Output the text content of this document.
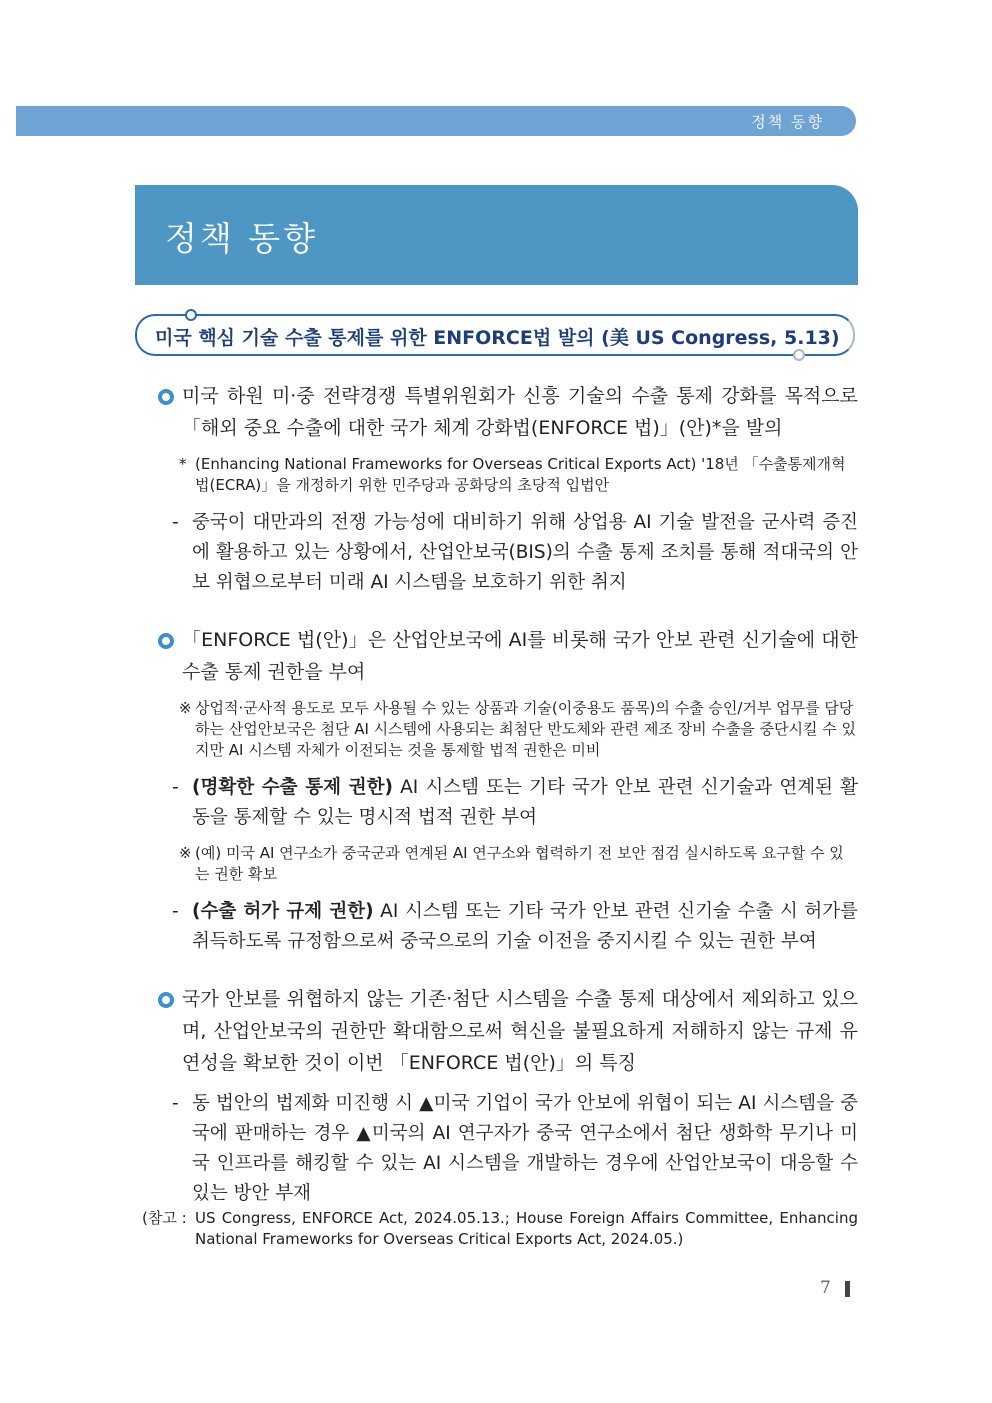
정책 동향
정책 동향
미국 핵심 기술 수출 통제를 위한 ENFORCE법 발의 (美 US Congress, 5.13)
미국 하원 미·중 전략경쟁 특별위원회가 신흥 기술의 수출 통제 강화를 목적으로 「해외 중요 수출에 대한 국가 체계 강화법(ENFORCE 법)」(안)*을 발의
* (Enhancing National Frameworks for Overseas Critical Exports Act) '18년 「수출통제개혁법(ECRA)」을 개정하기 위한 민주당과 공화당의 초당적 입법안
- 중국이 대만과의 전쟁 가능성에 대비하기 위해 상업용 AI 기술 발전을 군사력 증진에 활용하고 있는 상황에서, 산업안보국(BIS)의 수출 통제 조치를 통해 적대국의 안보 위협으로부터 미래 AI 시스템을 보호하기 위한 취지
「ENFORCE 법(안)」은 산업안보국에 AI를 비롯해 국가 안보 관련 신기술에 대한 수출 통제 권한을 부여
※ 상업적·군사적 용도로 모두 사용될 수 있는 상품과 기술(이중용도 품목)의 수출 승인/거부 업무를 담당하는 산업안보국은 첨단 AI 시스템에 사용되는 최첨단 반도체와 관련 제조 장비 수출을 중단시킬 수 있지만 AI 시스템 자체가 이전되는 것을 통제할 법적 권한은 미비
- (명확한 수출 통제 권한) AI 시스템 또는 기타 국가 안보 관련 신기술과 연계된 활동을 통제할 수 있는 명시적 법적 권한 부여
※ (예) 미국 AI 연구소가 중국군과 연계된 AI 연구소와 협력하기 전 보안 점검 실시하도록 요구할 수 있는 권한 확보
- (수출 허가 규제 권한) AI 시스템 또는 기타 국가 안보 관련 신기술 수출 시 허가를 취득하도록 규정함으로써 중국으로의 기술 이전을 중지시킬 수 있는 권한 부여
국가 안보를 위협하지 않는 기존·첨단 시스템을 수출 통제 대상에서 제외하고 있으며, 산업안보국의 권한만 확대함으로써 혁신을 불필요하게 저해하지 않는 규제 유연성을 확보한 것이 이번 「ENFORCE 법(안)」의 특징
- 동 법안의 법제화 미진행 시 ▲미국 기업이 국가 안보에 위협이 되는 AI 시스템을 중국에 판매하는 경우 ▲미국의 AI 연구자가 중국 연구소에서 첨단 생화학 무기나 미국 인프라를 해킹할 수 있는 AI 시스템을 개발하는 경우에 산업안보국이 대응할 수 있는 방안 부재
(참고 : US Congress, ENFORCE Act, 2024.05.13.; House Foreign Affairs Committee, Enhancing National Frameworks for Overseas Critical Exports Act, 2024.05.)
7
